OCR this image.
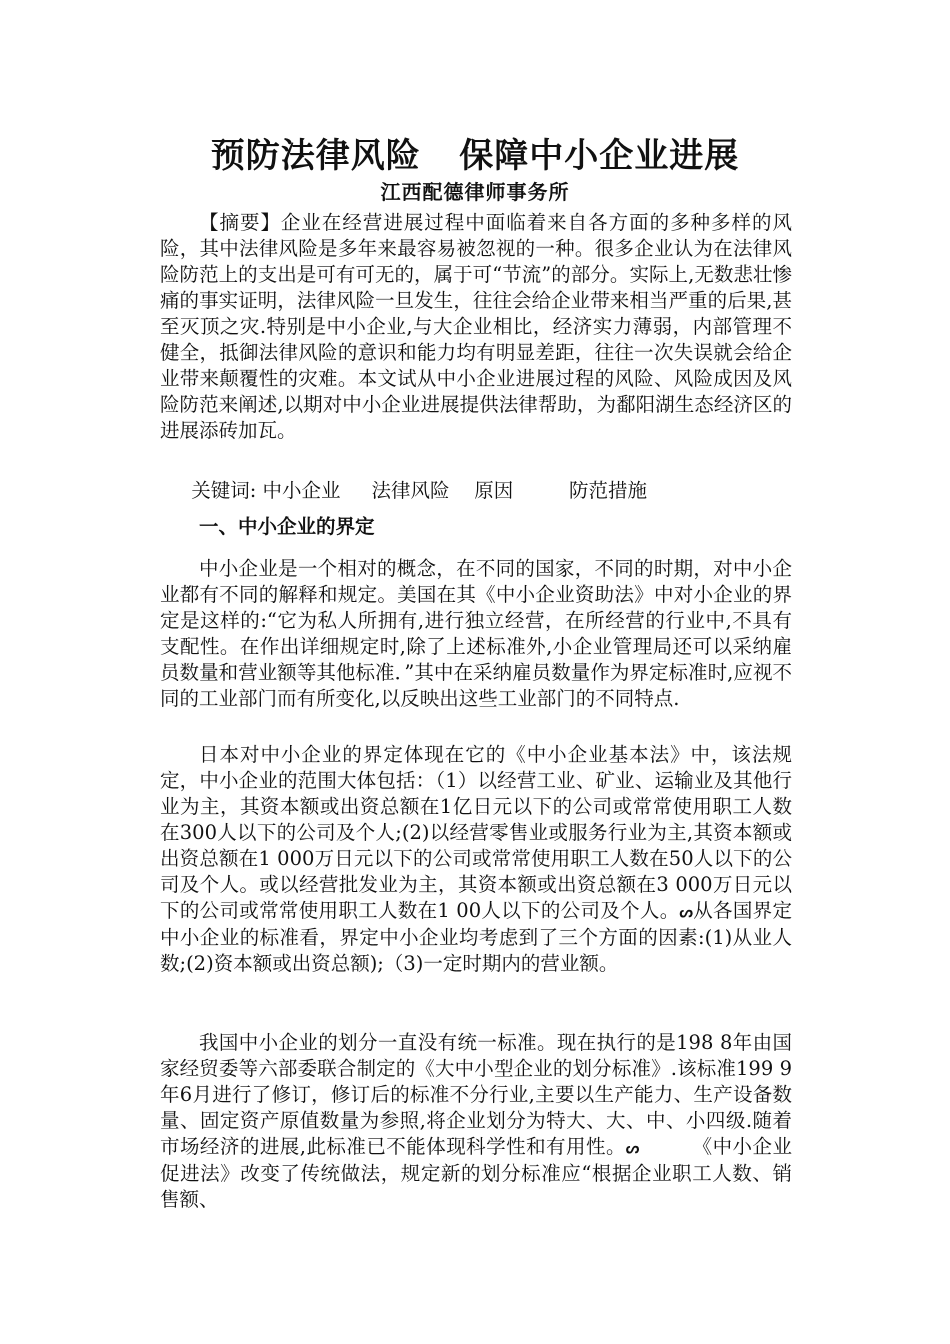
预防法律风险   保障中小企业进展
江西配德律师事务所
【摘要】企业在经营进展过程中面临着来自各方面的多种多样的风险，其中法律风险是多年来最容易被忽视的一种。很多企业认为在法律风险防范上的支出是可有可无的，属于可“节流”的部分。实际上,无数悲壮惨痛的事实证明，法律风险一旦发生，往往会给企业带来相当严重的后果,甚至灭顶之灾.特别是中小企业,与大企业相比，经济实力薄弱，内部管理不健全，抵御法律风险的意识和能力均有明显差距，往往一次失误就会给企业带来颠覆性的灾难。本文试从中小企业进展过程的风险、风险成因及风险防范来阐述,以期对中小企业进展提供法律帮助，为鄱阳湖生态经济区的进展添砖加瓦。
关键词: 中小企业     法律风险    原因         防范措施
一、中小企业的界定
中小企业是一个相对的概念，在不同的国家，不同的时期，对中小企业都有不同的解释和规定。美国在其《中小企业资助法》中对小企业的界定是这样的:“它为私人所拥有,进行独立经营，在所经营的行业中,不具有支配性。在作出详细规定时,除了上述标准外,小企业管理局还可以采纳雇员数量和营业额等其他标准．”其中在采纳雇员数量作为界定标准时,应视不同的工业部门而有所变化,以反映出这些工业部门的不同特点.
日本对中小企业的界定体现在它的《中小企业基本法》中，该法规定，中小企业的范围大体包括：（1）以经营工业、矿业、运输业及其他行业为主，其资本额或出资总额在1亿日元以下的公司或常常使用职工人数在300人以下的公司及个人;(2)以经营零售业或服务行业为主,其资本额或出资总额在1 000万日元以下的公司或常常使用职工人数在50人以下的公司及个人。或以经营批发业为主，其资本额或出资总额在3 000万日元以下的公司或常常使用职工人数在1 00人以下的公司及个人。ᔕ从各国界定中小企业的标准看，界定中小企业均考虑到了三个方面的因素:(1)从业人数;(2)资本额或出资总额);（3)一定时期内的营业额。
我国中小企业的划分一直没有统一标准。现在执行的是198 8年由国家经贸委等六部委联合制定的《大中小型企业的划分标准》.该标准199 9年6月进行了修订，修订后的标准不分行业,主要以生产能力、生产设备数量、固定资产原值数量为参照,将企业划分为特大、大、中、小四级.随着市场经济的进展,此标准已不能体现科学性和有用性。ᔕ        《中小企业促进法》改变了传统做法，规定新的划分标准应“根据企业职工人数、销售额、
